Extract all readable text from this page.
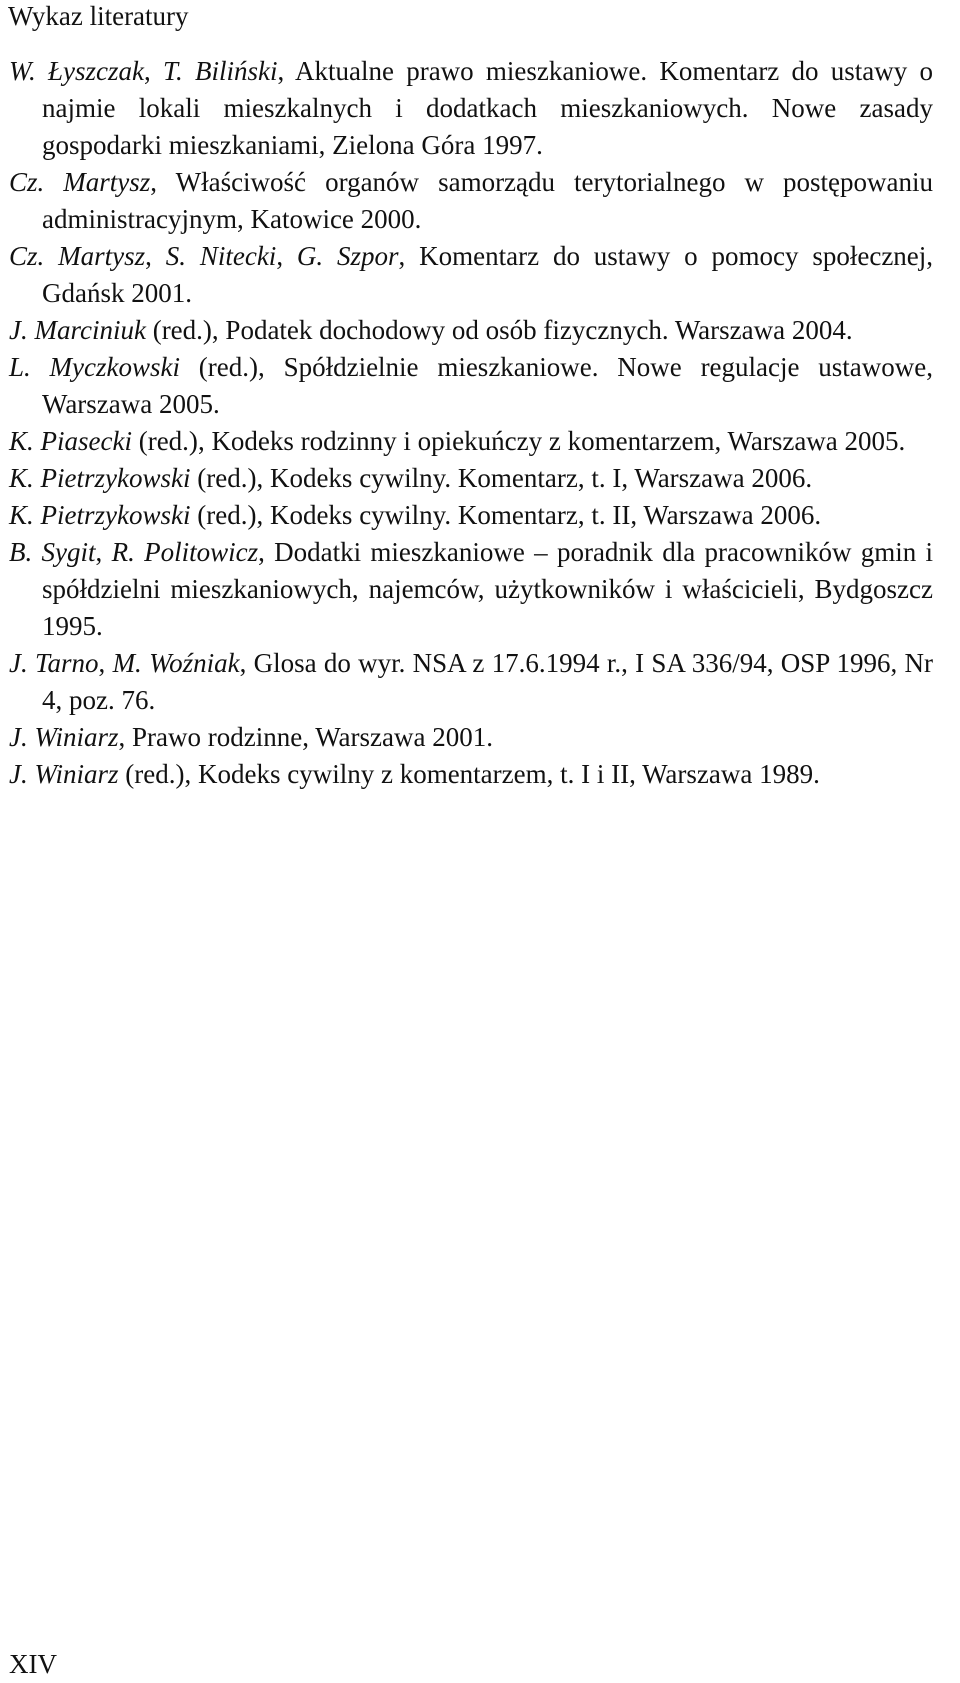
Wykaz literatury
W. Łyszczak, T. Biliński, Aktualne prawo mieszkaniowe. Komentarz do ustawy o najmie lokali mieszkalnych i dodatkach mieszkaniowych. Nowe zasady gospodarki mieszkaniami, Zielona Góra 1997.
Cz. Martysz, Właściwość organów samorządu terytorialnego w postępowaniu administracyjnym, Katowice 2000.
Cz. Martysz, S. Nitecki, G. Szpor, Komentarz do ustawy o pomocy społecznej, Gdańsk 2001.
J. Marciniuk (red.), Podatek dochodowy od osób fizycznych. Warszawa 2004.
L. Myczkowski (red.), Spółdzielnie mieszkaniowe. Nowe regulacje ustawowe, Warszawa 2005.
K. Piasecki (red.), Kodeks rodzinny i opiekuńczy z komentarzem, Warszawa 2005.
K. Pietrzykowski (red.), Kodeks cywilny. Komentarz, t. I, Warszawa 2006.
K. Pietrzykowski (red.), Kodeks cywilny. Komentarz, t. II, Warszawa 2006.
B. Sygit, R. Politowicz, Dodatki mieszkaniowe – poradnik dla pracowników gmin i spółdzielni mieszkaniowych, najemców, użytkowników i właścicieli, Bydgoszcz 1995.
J. Tarno, M. Woźniak, Glosa do wyr. NSA z 17.6.1994 r., I SA 336/94, OSP 1996, Nr 4, poz. 76.
J. Winiarz, Prawo rodzinne, Warszawa 2001.
J. Winiarz (red.), Kodeks cywilny z komentarzem, t. I i II, Warszawa 1989.
XIV
